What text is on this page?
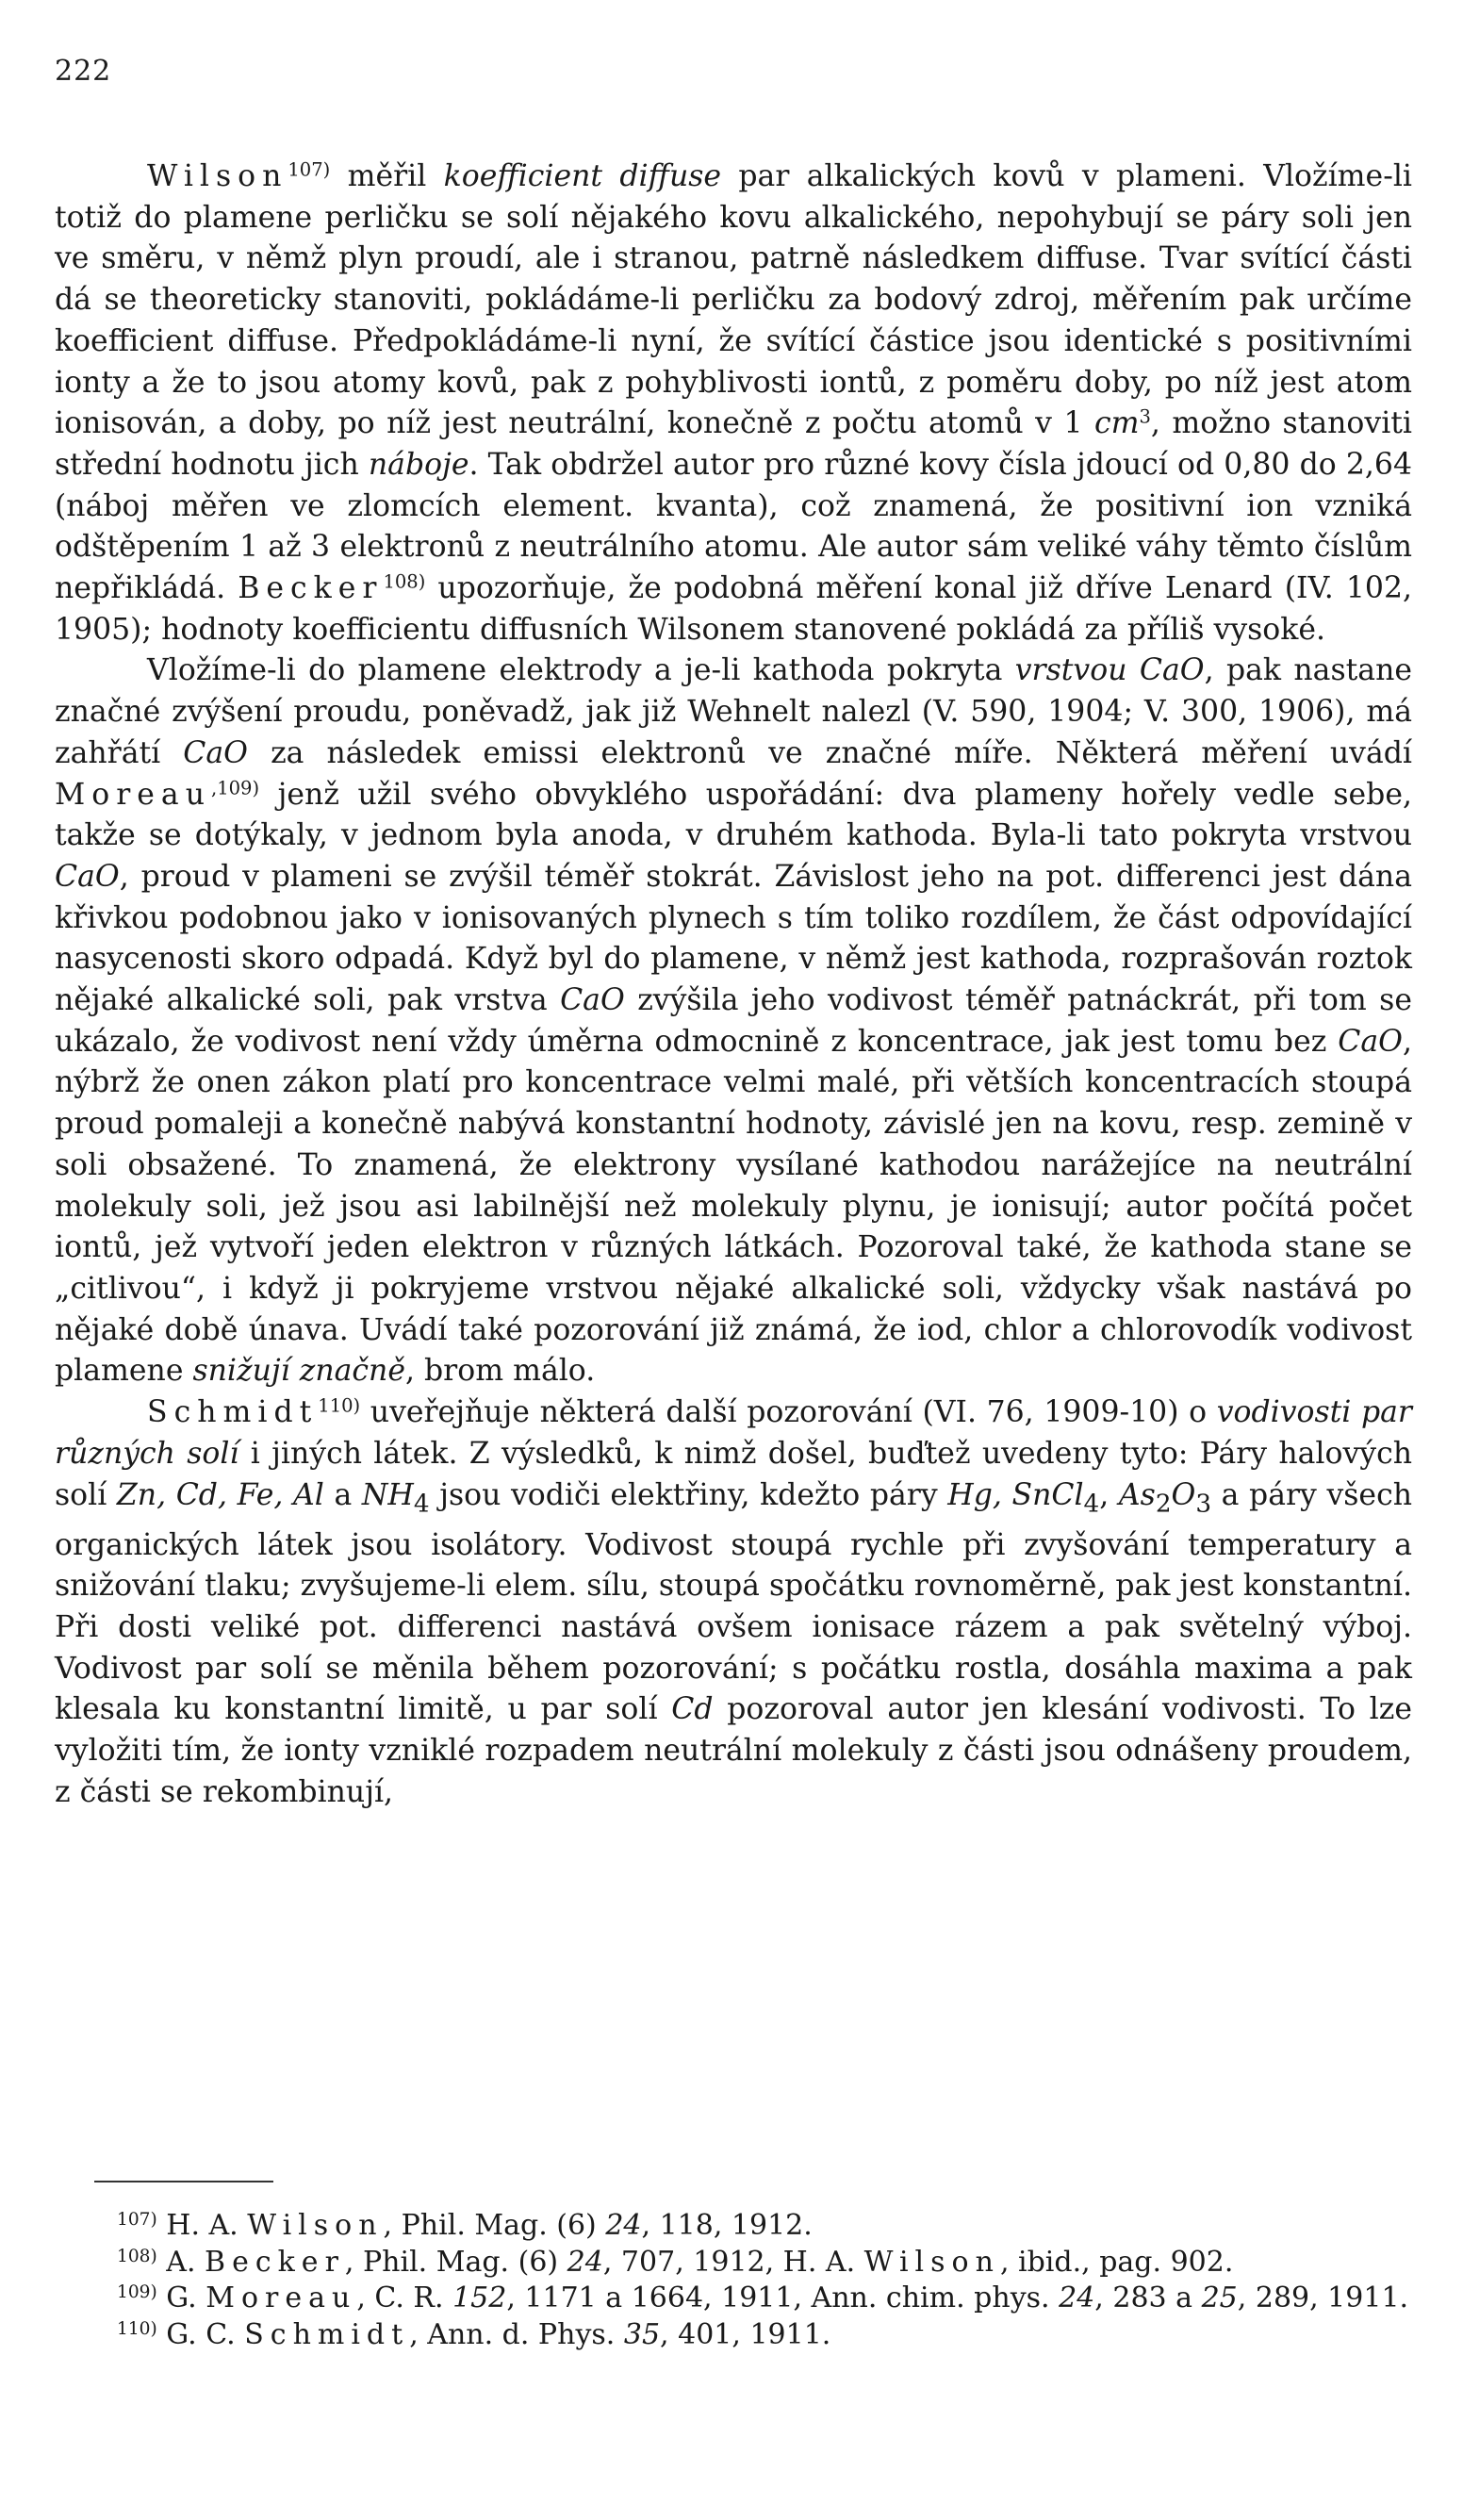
222

Wilson$^{107)}$ měřil koefficient diffuse par alkalických kovů v plameni. Vložíme-li totiž do plamene perličku se solí nějakého kovu alkalického, nepohybují se páry soli jen ve směru, v němž plyn proudí, ale i stranou, patrně následkem diffuse. Tvar svítící části dá se theoreticky stanoviti, pokládáme-li perličku za bodový zdroj, měřením pak určíme koefficient diffuse. Předpokládáme-li nyní, že svítící částice jsou identické s positivními ionty a že to jsou atomy kovů, pak z pohyblivosti iontů, z poměru doby, po níž jest atom ionisován, a doby, po níž jest neutrální, konečně z počtu atomů v 1 $cm^3$, možno stanoviti střední hodnotu jich náboje. Tak obdržel autor pro různé kovy čísla jdoucí od 0,80 do 2,64 (náboj měřen ve zlomcích element. kvanta), což znamená, že positivní ion vzniká odštěpením 1 až 3 elektronů z neutrálního atomu. Ale autor sám veliké váhy těmto číslům nepřikládá. Becker$^{108)}$ upozorňuje, že podobná měření konal již dříve Lenard (IV. 102, 1905); hodnoty koefficientu diffusních Wilsonem stanovené pokládá za příliš vysoké.

Vložíme-li do plamene elektrody a je-li kathoda pokryta vrstvou CaO, pak nastane značné zvýšení proudu, poněvadž, jak již Wehnelt nalezl (V. 590, 1904; V. 300, 1906), má zahřátí CaO za následek emissi elektronů ve značné míře. Některá měření uvádí Moreau$^{,109)}$ jenž užil svého obvyklého uspořádání: dva plameny hořely vedle sebe, takže se dotýkaly, v jednom byla anoda, v druhém kathoda. Byla-li tato pokryta vrstvou CaO, proud v plameni se zvýšil téměř stokrát. Závislost jeho na pot. differenci jest dána křivkou podobnou jako v ionisovaných plynech s tím toliko rozdílem, že část odpovídající nasycenosti skoro odpadá. Když byl do plamene, v němž jest kathoda, rozprašován roztok nějaké alkalické soli, pak vrstva CaO zvýšila jeho vodivost téměř patnáckrát, při tom se ukázalo, že vodivost není vždy úměrna odmocnině z koncentrace, jak jest tomu bez CaO, nýbrž že onen zákon platí pro koncentrace velmi malé, při větších koncentracích stoupá proud pomaleji a konečně nabývá konstantní hodnoty, závislé jen na kovu, resp. zemině v soli obsažené. To znamená, že elektrony vysílané kathodou narážejíce na neutrální molekuly soli, jež jsou asi labilnější než molekuly plynu, je ionisují; autor počítá počet iontů, jež vytvoří jeden elektron v různých látkách. Pozoroval také, že kathoda stane se „citlivou“, i když ji pokryjeme vrstvou nějaké alkalické soli, vždycky však nastává po nějaké době únava. Uvádí také pozorování již známá, že iod, chlor a chlorovodík vodivost plamene snižují značně, brom málo.

Schmidt$^{110)}$ uveřejňuje některá další pozorování (VI. 76, 1909-10) o vodivosti par různých solí i jiných látek. Z výsledků, k nimž došel, buďtež uvedeny tyto: Páry halových solí Zn, Cd, Fe, Al a $NH_4$ jsou vodiči elektřiny, kdežto páry Hg, SnCl$_4$, $As_2O_3$ a páry všech organických látek jsou isolátory. Vodivost stoupá rychle při zvyšování temperatury a snižování tlaku; zvyšujeme-li elem. sílu, stoupá spočátku rovnoměrně, pak jest konstantní. Při dosti veliké pot. differenci nastává ovšem ionisace rázem a pak světelný výboj. Vodivost par solí se měnila během pozorování; s počátku rostla, dosáhla maxima a pak klesala ku konstantní limitě, u par solí Cd pozoroval autor jen klesání vodivosti. To lze vyložiti tím, že ionty vzniklé rozpadem neutrální molekuly z části jsou odnášeny proudem, z části se rekombinují,

$^{107)}$ H. A. Wilson, Phil. Mag. (6) 24, 118, 1912.
$^{108)}$ A. Becker, Phil. Mag. (6) 24, 707, 1912, H. A. Wilson, ibid., pag. 902.
$^{109)}$ G. Moreau, C. R. 152, 1171 a 1664, 1911, Ann. chim. phys. 24, 283 a 25, 289, 1911.
$^{110)}$ G. C. Schmidt, Ann. d. Phys. 35, 401, 1911.
